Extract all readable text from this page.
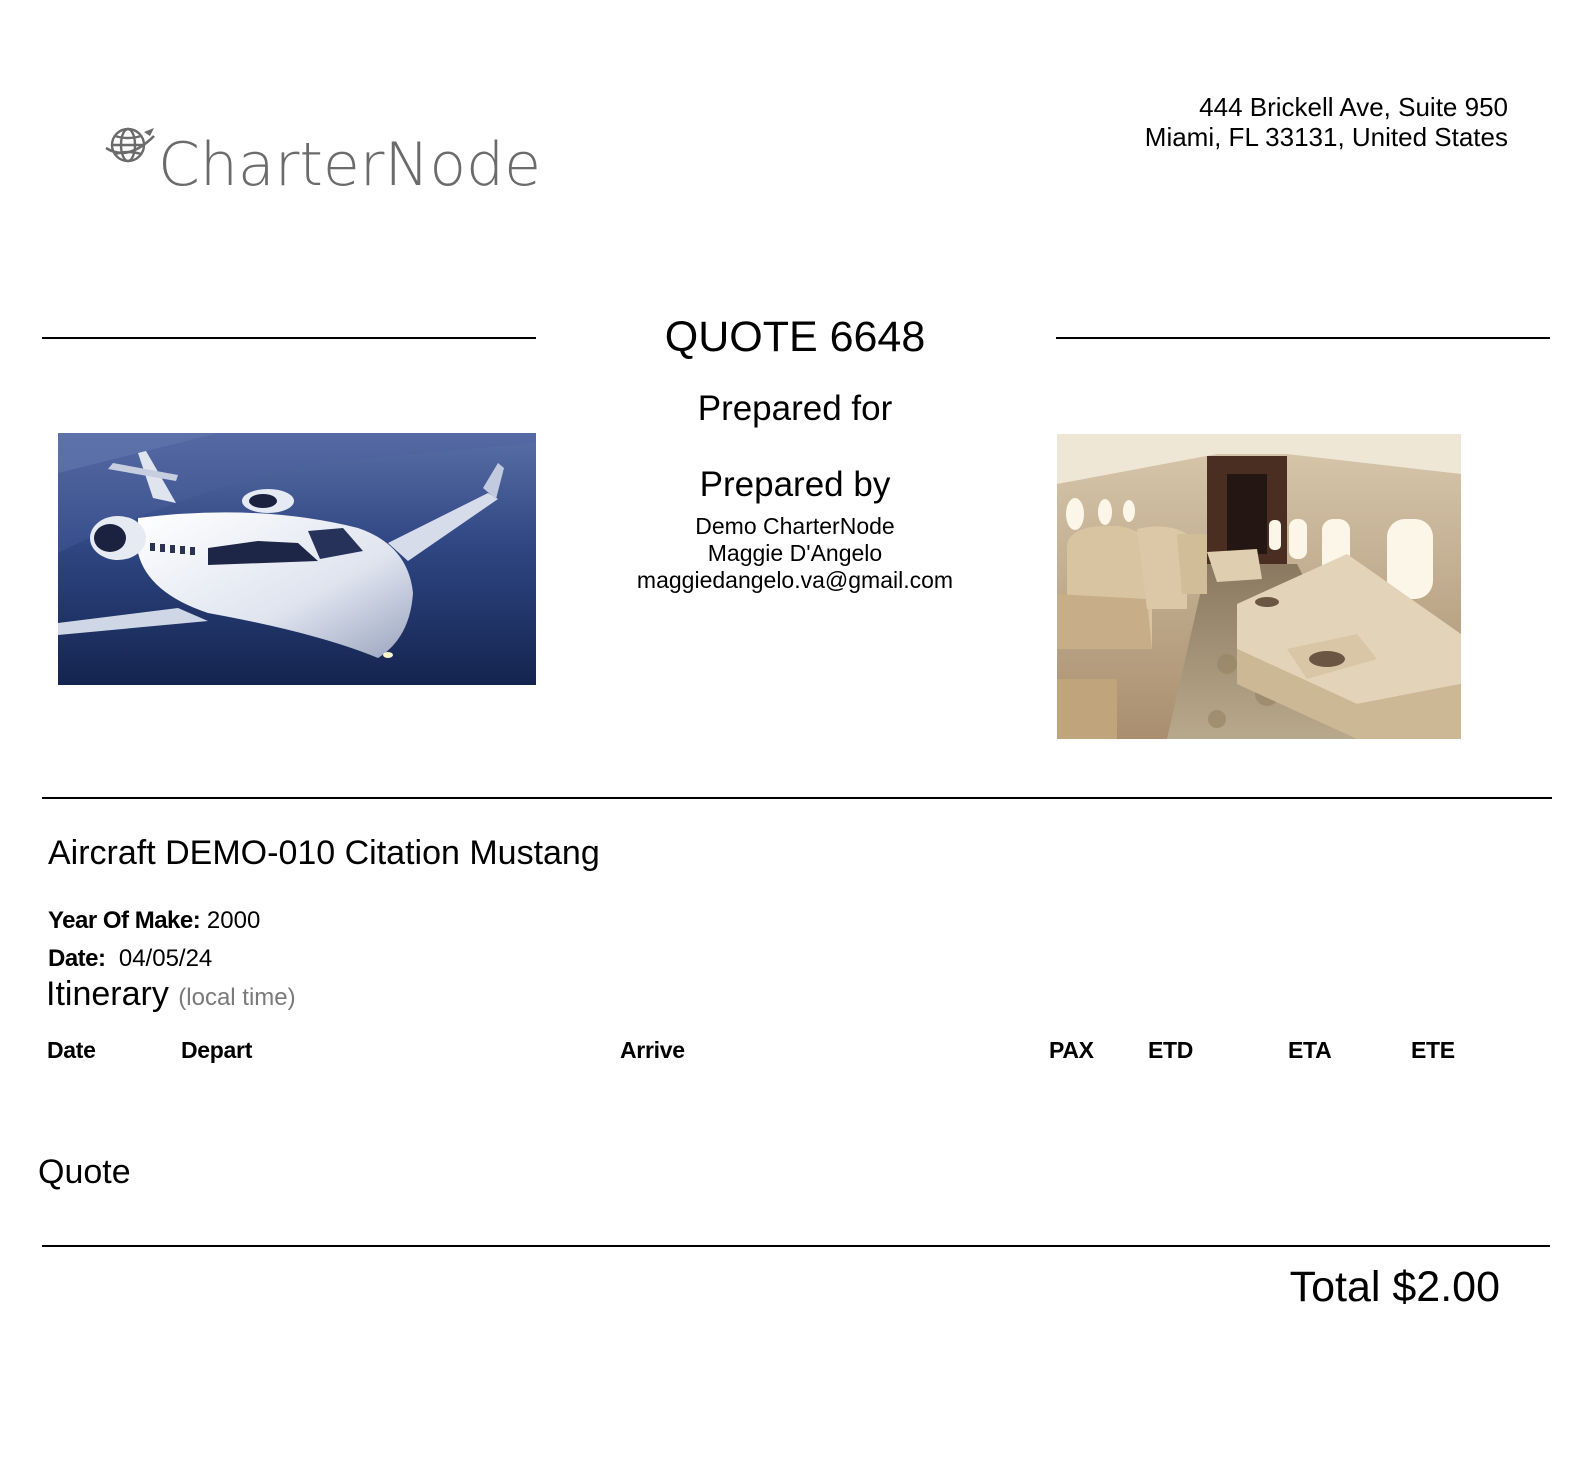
CharterNode
444 Brickell Ave, Suite 950
Miami, FL 33131, United States
QUOTE 6648
Prepared for
Prepared by
Demo CharterNode
Maggie D'Angelo
maggiedangelo.va@gmail.com
Aircraft DEMO-010 Citation Mustang
Year Of Make: 2000
Date: 04/05/24
Itinerary (local time)
Date	Depart	Arrive	PAX ETD	ETA	ETE
Quote
Total $2.00
